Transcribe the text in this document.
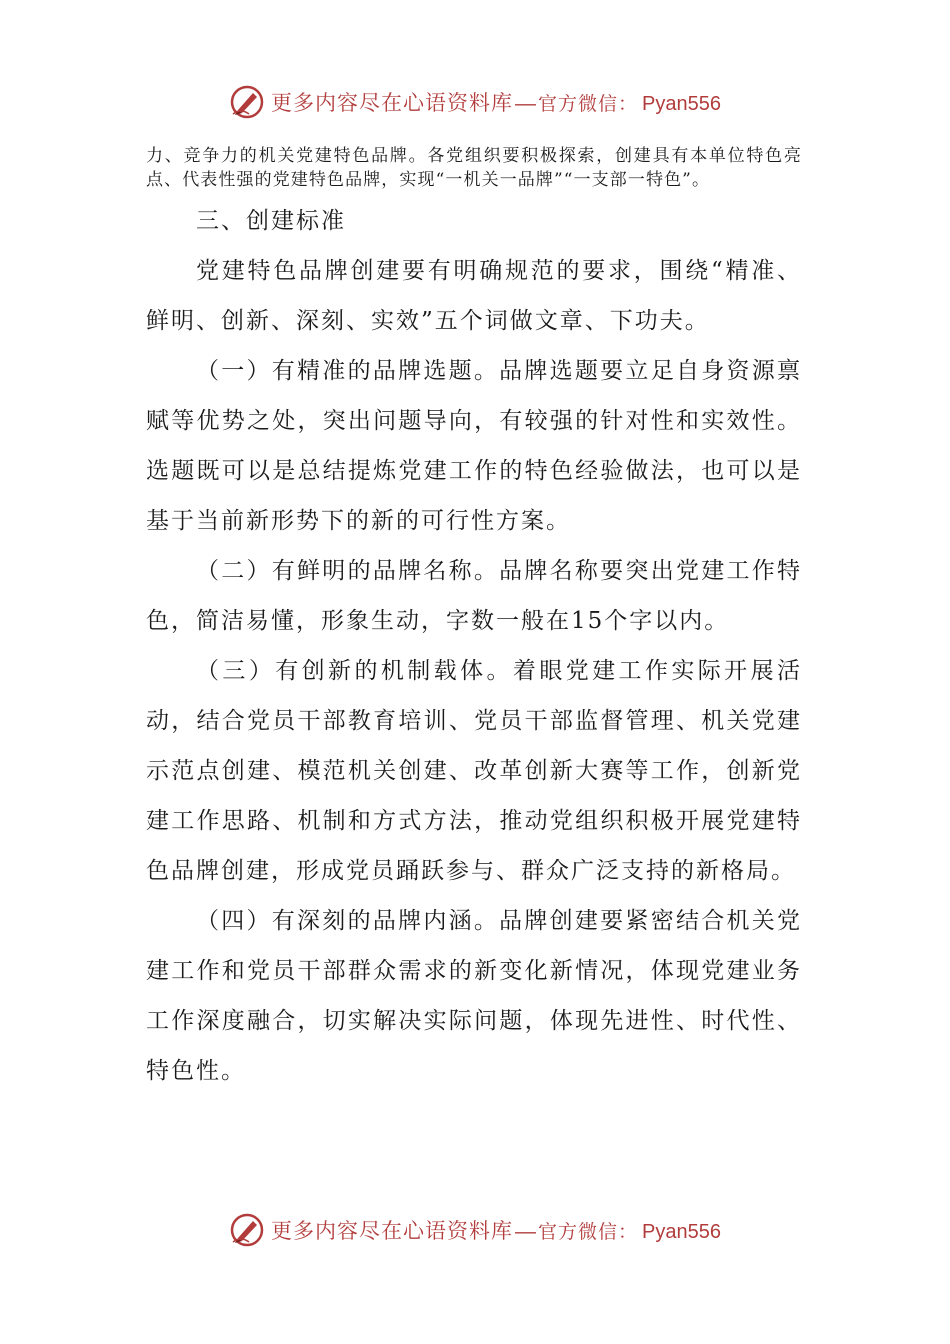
更多内容尽在心语资料库 — 官方微信： Pyan556

力、竞争力的机关党建特色品牌。各党组织要积极探索，创建具有本单位特色亮点、代表性强的党建特色品牌，实现“一机关一品牌”“一支部一特色”。

三、创建标准

党建特色品牌创建要有明确规范的要求，围绕“精准、鲜明、创新、深刻、实效”五个词做文章、下功夫。

（一）有精准的品牌选题。品牌选题要立足自身资源禀赋等优势之处，突出问题导向，有较强的针对性和实效性。选题既可以是总结提炼党建工作的特色经验做法，也可以是基于当前新形势下的新的可行性方案。

（二）有鲜明的品牌名称。品牌名称要突出党建工作特色，简洁易懂，形象生动，字数一般在15个字以内。

（三）有创新的机制载体。着眼党建工作实际开展活动，结合党员干部教育培训、党员干部监督管理、机关党建示范点创建、模范机关创建、改革创新大赛等工作，创新党建工作思路、机制和方式方法，推动党组织积极开展党建特色品牌创建，形成党员踊跃参与、群众广泛支持的新格局。

（四）有深刻的品牌内涵。品牌创建要紧密结合机关党建工作和党员干部群众需求的新变化新情况，体现党建业务工作深度融合，切实解决实际问题，体现先进性、时代性、特色性。

更多内容尽在心语资料库 — 官方微信： Pyan556
